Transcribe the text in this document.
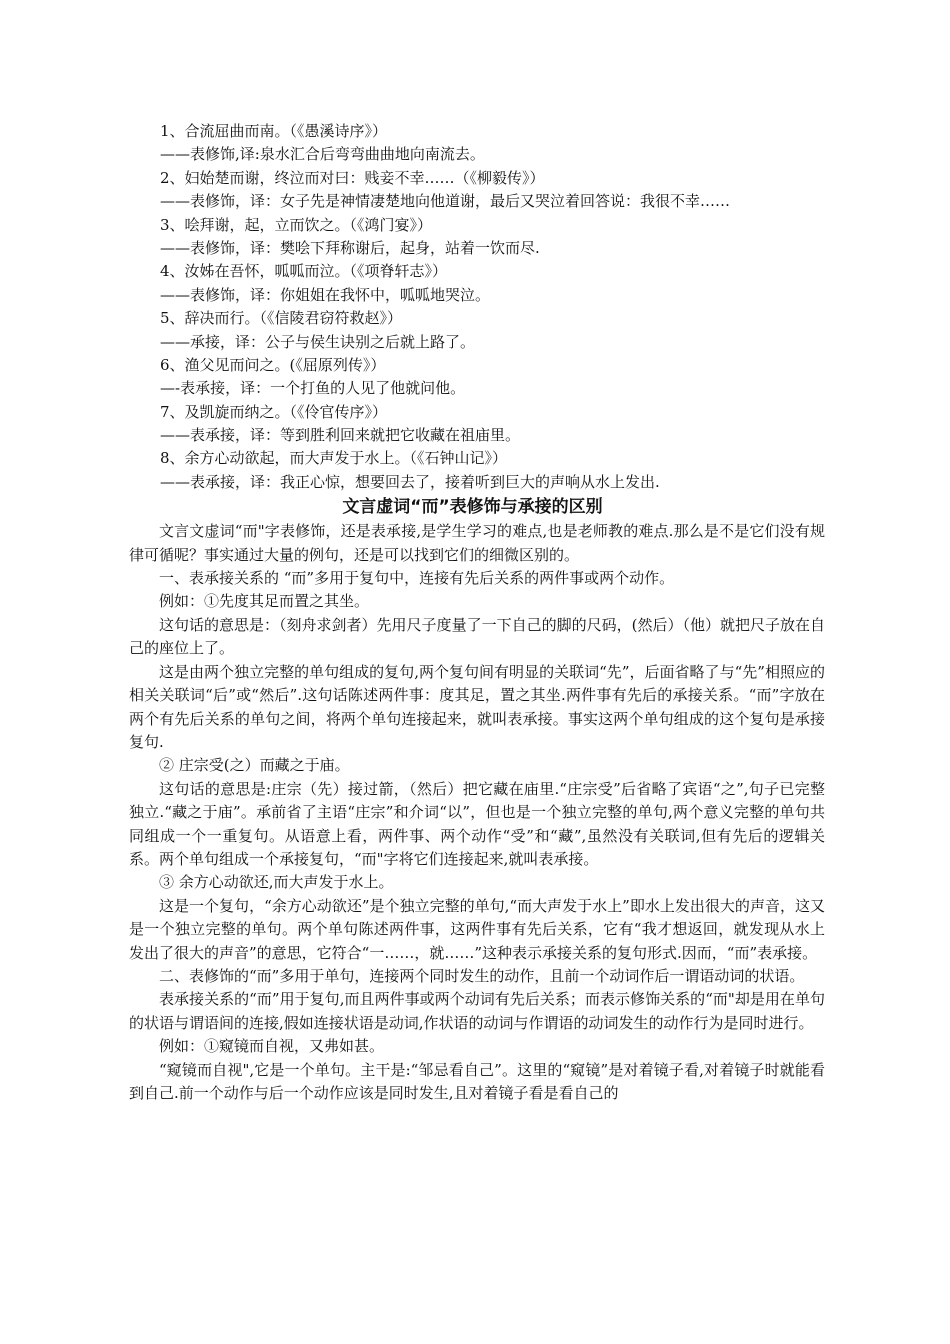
1、合流屈曲而南。（《愚溪诗序》）
——表修饰,译:泉水汇合后弯弯曲曲地向南流去。
2、妇始楚而谢，终泣而对曰：贱妾不幸……（《柳毅传》）
——表修饰，译：女子先是神情凄楚地向他道谢，最后又哭泣着回答说：我很不幸……
3、哙拜谢，起，立而饮之。（《鸿门宴》）
——表修饰，译：樊哙下拜称谢后，起身，站着一饮而尽.
4、汝姊在吾怀，呱呱而泣。（《项脊轩志》）
——表修饰，译：你姐姐在我怀中，呱呱地哭泣。
5、辞决而行。（《信陵君窃符救赵》）
——承接，译：公子与侯生诀别之后就上路了。
6、渔父见而问之。(《屈原列传》）
—-表承接，译：一个打鱼的人见了他就问他。
7、及凯旋而纳之。（《伶官传序》）
——表承接，译：等到胜利回来就把它收藏在祖庙里。
8、余方心动欲起，而大声发于水上。（《石钟山记》）
——表承接，译：我正心惊，想要回去了，接着听到巨大的声响从水上发出.
文言虚词“而”表修饰与承接的区别

文言文虚词“而"字表修饰，还是表承接,是学生学习的难点,也是老师教的难点.那么是不是它们没有规律可循呢？事实通过大量的例句，还是可以找到它们的细微区别的。

一、表承接关系的 “而”多用于复句中，连接有先后关系的两件事或两个动作。

例如：①先度其足而置之其坐。

这句话的意思是：（刻舟求剑者）先用尺子度量了一下自己的脚的尺码，(然后）（他）就把尺子放在自己的座位上了。

这是由两个独立完整的单句组成的复句,两个复句间有明显的关联词“先”，后面省略了与“先”相照应的相关关联词“后”或“然后”.这句话陈述两件事：度其足，置之其坐.两件事有先后的承接关系。“而”字放在两个有先后关系的单句之间，将两个单句连接起来，就叫表承接。事实这两个单句组成的这个复句是承接复句.

② 庄宗受(之）而藏之于庙。

这句话的意思是:庄宗（先）接过箭，（然后）把它藏在庙里.“庄宗受”后省略了宾语“之”,句子已完整独立.“藏之于庙”。承前省了主语“庄宗”和介词“以”，但也是一个独立完整的单句,两个意义完整的单句共同组成一个一重复句。从语意上看，两件事、两个动作“受”和“藏”,虽然没有关联词,但有先后的逻辑关系。两个单句组成一个承接复句，“而"字将它们连接起来,就叫表承接。

③ 余方心动欲还,而大声发于水上。

这是一个复句，“余方心动欲还”是个独立完整的单句,“而大声发于水上”即水上发出很大的声音，这又是一个独立完整的单句。两个单句陈述两件事，这两件事有先后关系，它有“我才想返回，就发现从水上发出了很大的声音”的意思，它符合“一……，就……”这种表示承接关系的复句形式.因而，“而”表承接。

二、表修饰的“而”多用于单句，连接两个同时发生的动作，且前一个动词作后一谓语动词的状语。

表承接关系的“而”用于复句,而且两件事或两个动词有先后关系；而表示修饰关系的“而"却是用在单句的状语与谓语间的连接,假如连接状语是动词,作状语的动词与作谓语的动词发生的动作行为是同时进行。

例如：①窥镜而自视，又弗如甚。

“窥镜而自视",它是一个单句。主干是:“邹忌看自己”。这里的“窥镜”是对着镜子看,对着镜子时就能看到自己.前一个动作与后一个动作应该是同时发生,且对着镜子看是看自己的
